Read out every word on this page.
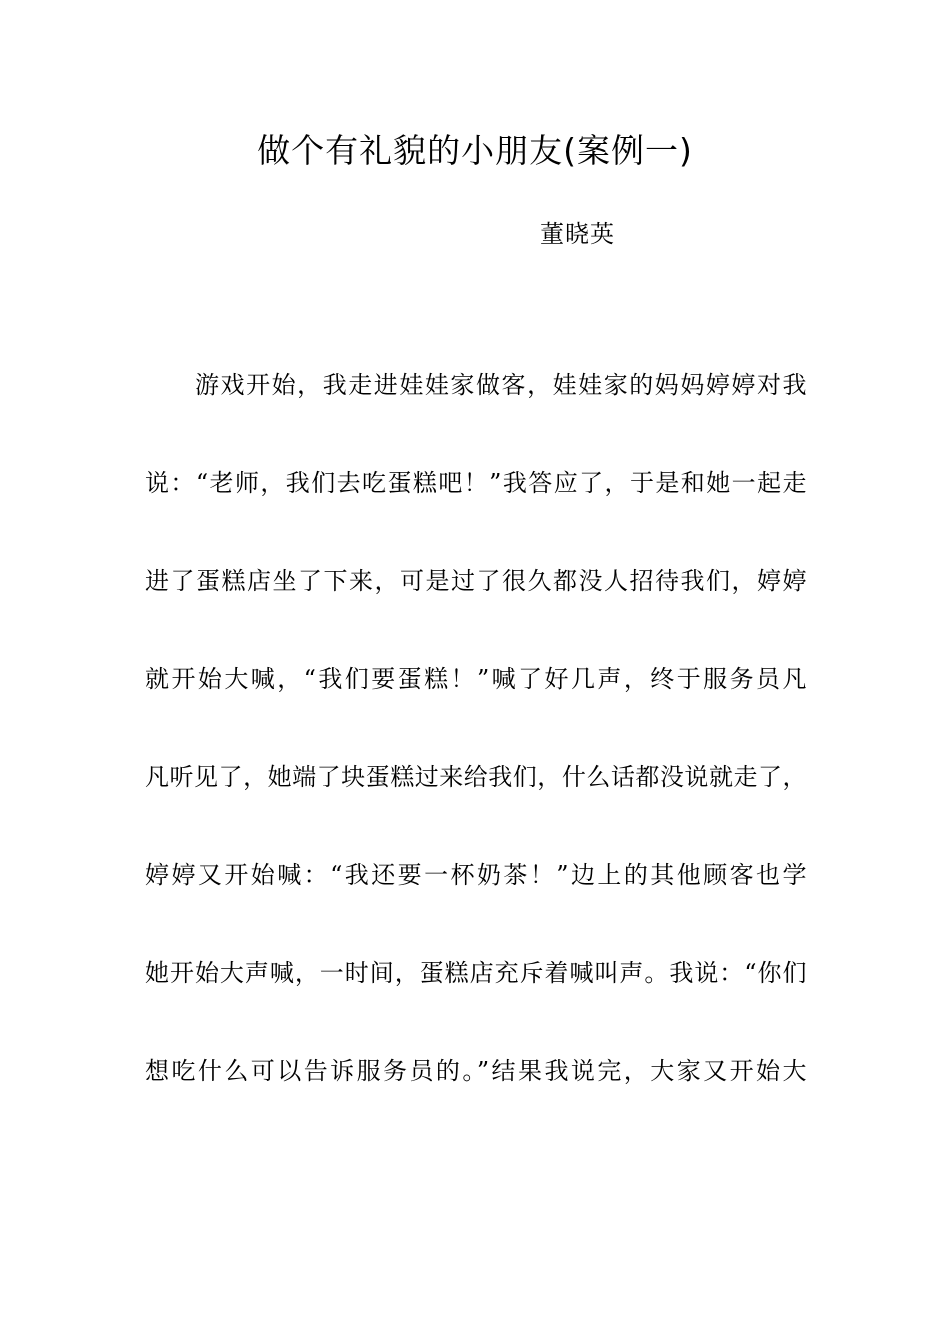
做个有礼貌的小朋友(案例一)
董晓英
游戏开始，我走进娃娃家做客，娃娃家的妈妈婷婷对我
说：“老师，我们去吃蛋糕吧！”我答应了，于是和她一起走
进了蛋糕店坐了下来，可是过了很久都没人招待我们，婷婷
就开始大喊，“我们要蛋糕！”喊了好几声，终于服务员凡
凡听见了，她端了块蛋糕过来给我们，什么话都没说就走了，
婷婷又开始喊：“我还要一杯奶茶！”边上的其他顾客也学
她开始大声喊，一时间，蛋糕店充斥着喊叫声。我说：“你们
想吃什么可以告诉服务员的。”结果我说完，大家又开始大
